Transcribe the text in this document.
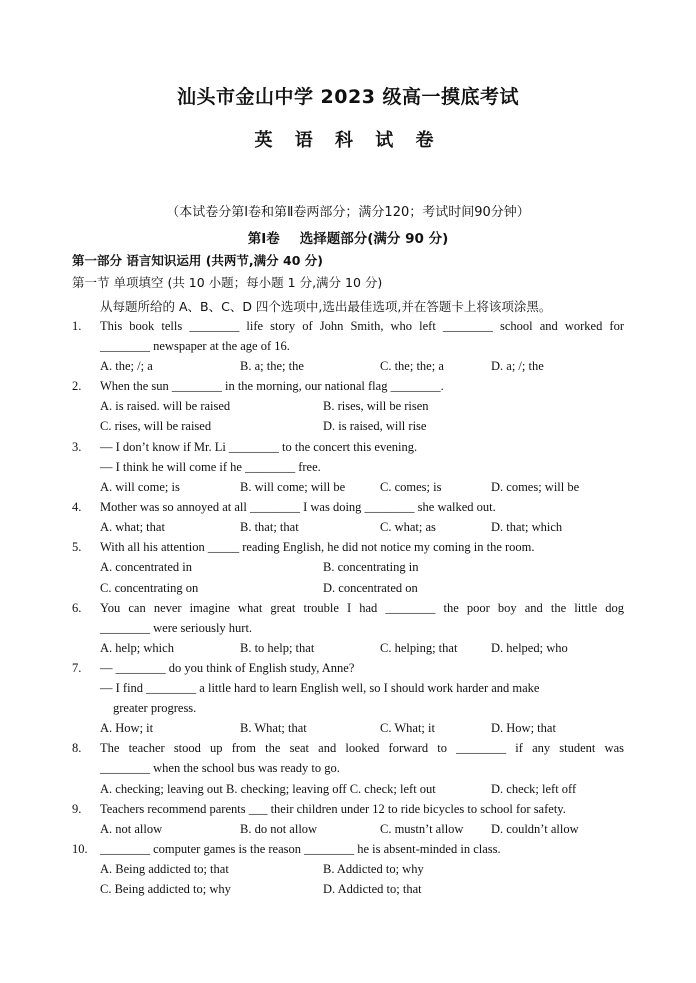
汕头市金山中学 2023 级高一摸底考试
英 语 科 试 卷
（本试卷分第Ⅰ卷和第Ⅱ卷两部分；满分120；考试时间90分钟）
第Ⅰ卷 选择题部分(满分 90 分)
第一部分 语言知识运用 (共两节,满分 40 分)
第一节 单项填空 (共 10 小题；每小题 1 分,满分 10 分)
从每题所给的 A、B、C、D 四个选项中,选出最佳选项,并在答题卡上将该项涂黑。
1. This book tells ________ life story of John Smith, who left ________ school and worked for
________ newspaper at the age of 16.
A. the; /; a	B. a; the; the	C. the; the; a	D. a; /; the
2. When the sun ________ in the morning, our national flag ________.
A. is raised. will be raised	B. rises, will be risen
C. rises, will be raised	D. is raised, will rise
3. — I don’t know if Mr. Li ________ to the concert this evening.
— I think he will come if he ________ free.
A. will come; is	B. will come; will be	C. comes; is	D. comes; will be
4. Mother was so annoyed at all ________ I was doing ________ she walked out.
A. what; that	B. that; that	C. what; as	D. that; which
5. With all his attention _____ reading English, he did not notice my coming in the room.
A. concentrated in	B. concentrating in
C. concentrating on	D. concentrated on
6. You can never imagine what great trouble I had ________ the poor boy and the little dog
________ were seriously hurt.
A. help; which	B. to help; that	C. helping; that	D. helped; who
7. — ________ do you think of English study, Anne?
— I find ________ a little hard to learn English well, so I should work harder and make
greater progress.
A. How; it	B. What; that	C. What; it	D. How; that
8. The teacher stood up from the seat and looked forward to ________ if any student was
________ when the school bus was ready to go.
A. checking; leaving out B. checking; leaving off C. check; left out	D. check; left off
9. Teachers recommend parents ___ their children under 12 to ride bicycles to school for safety.
A. not allow	B. do not allow	C. mustn’t allow D. couldn’t allow
10. ________ computer games is the reason ________ he is absent-minded in class.
A. Being addicted to; that	B. Addicted to; why
C. Being addicted to; why	D. Addicted to; that
